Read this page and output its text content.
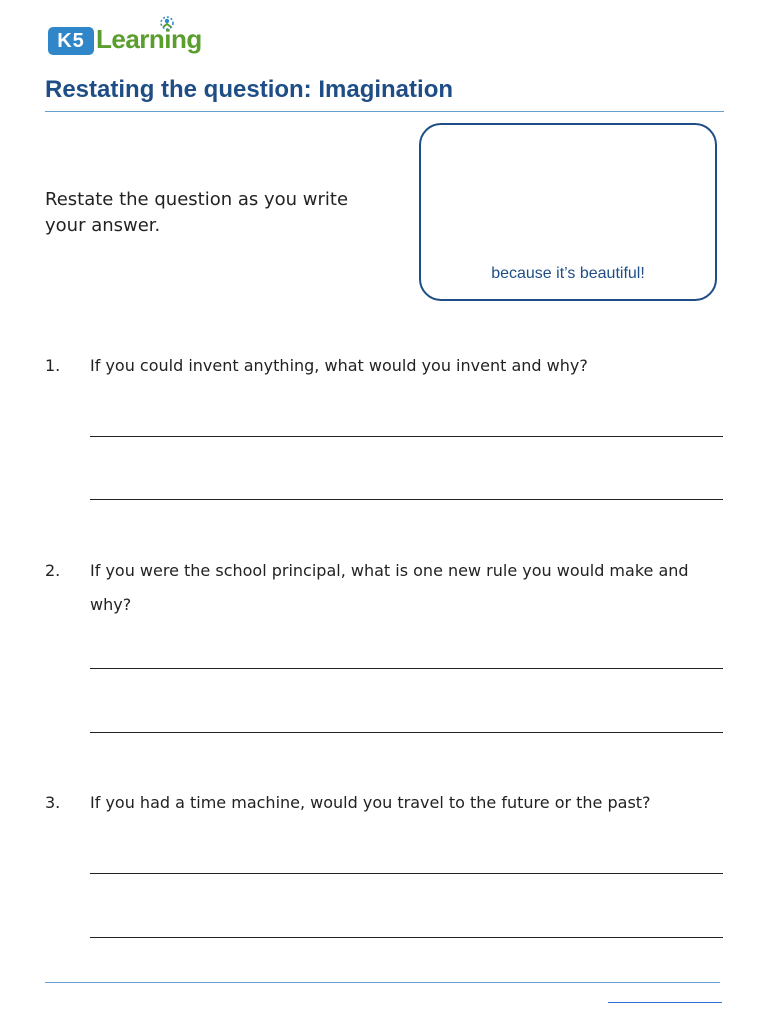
K5 Learning
Restating the question: Imagination

Restate the question as you write your answer.

because it’s beautiful!
1. If you could invent anything, what would you invent and why?

2. If you were the school principal, what is one new rule you would make and why?

3. If you had a time machine, would you travel to the future or the past?
